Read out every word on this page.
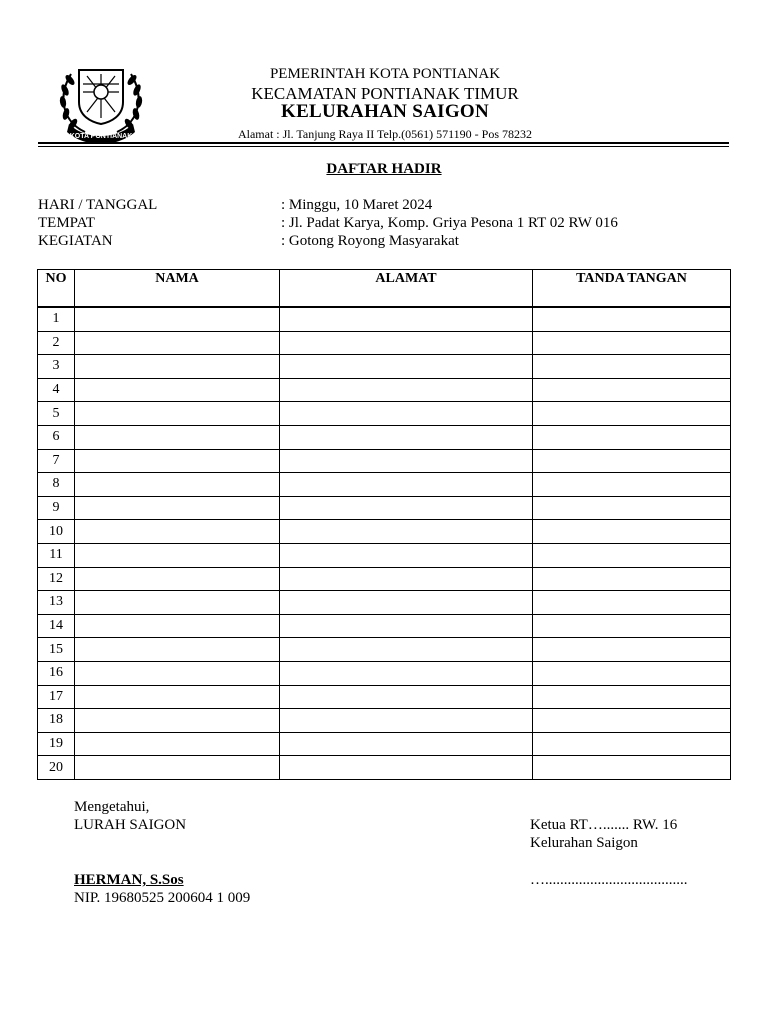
KOTA PONTIANAK
PEMERINTAH KOTA PONTIANAK
KECAMATAN PONTIANAK TIMUR
KELURAHAN SAIGON
Alamat : Jl. Tanjung Raya II Telp.(0561) 571190 - Pos 78232
DAFTAR HADIR
HARI / TANGGAL	: Minggu, 10 Maret 2024
TEMPAT	: Jl. Padat Karya, Komp. Griya Pesona 1 RT 02 RW 016
KEGIATAN	: Gotong Royong Masyarakat
NO	NAMA	ALAMAT	TANDA TANGAN
1			
2			
3			
4			
5			
6			
7			
8			
9			
10			
11			
12			
13			
14			
15			
16			
17			
18			
19			
20			
Mengetahui,
LURAH SAIGON	Ketua RT…....... RW. 16
Kelurahan Saigon
HERMAN, S.Sos	…......................................
NIP. 19680525 200604 1 009
